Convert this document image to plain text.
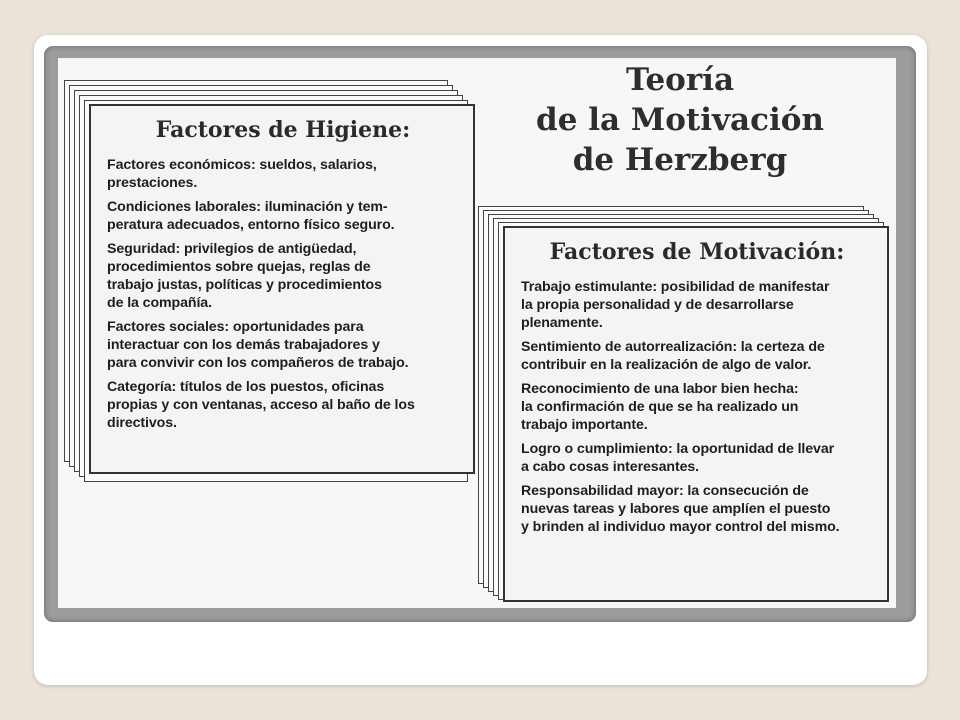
Teoría
de la Motivación
de Herzberg
Factores de Higiene:

Factores económicos: sueldos, salarios,
prestaciones.

Condiciones laborales: iluminación y tem-
peratura adecuados, entorno físico seguro.

Seguridad: privilegios de antigüedad,
procedimientos sobre quejas, reglas de
trabajo justas, políticas y procedimientos
de la compañía.

Factores sociales: oportunidades para
interactuar con los demás trabajadores y
para convivir con los compañeros de trabajo.

Categoría: títulos de los puestos, oficinas
propias y con ventanas, acceso al baño de los
directivos.

Factores de Motivación:

Trabajo estimulante: posibilidad de manifestar
la propia personalidad y de desarrollarse
plenamente.

Sentimiento de autorrealización: la certeza de
contribuir en la realización de algo de valor.

Reconocimiento de una labor bien hecha:
la confirmación de que se ha realizado un
trabajo importante.

Logro o cumplimiento: la oportunidad de llevar
a cabo cosas interesantes.

Responsabilidad mayor: la consecución de
nuevas tareas y labores que amplíen el puesto
y brinden al individuo mayor control del mismo.
